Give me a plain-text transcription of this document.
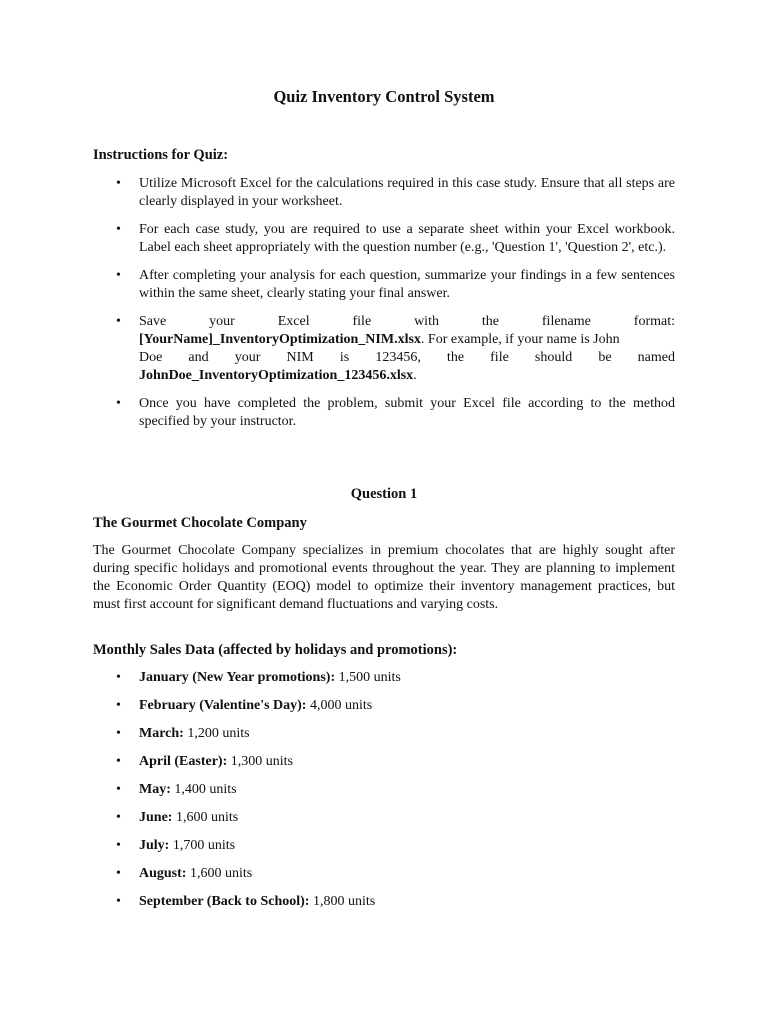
Quiz Inventory Control System
Instructions for Quiz:
• Utilize Microsoft Excel for the calculations required in this case study. Ensure that all steps are clearly displayed in your worksheet.
• For each case study, you are required to use a separate sheet within your Excel workbook. Label each sheet appropriately with the question number (e.g., 'Question 1', 'Question 2', etc.).
• After completing your analysis for each question, summarize your findings in a few sentences within the same sheet, clearly stating your final answer.
• Save your Excel file with the filename format:
[YourName]_InventoryOptimization_NIM.xlsx. For example, if your name is John
Doe and your NIM is 123456, the file should be named
JohnDoe_InventoryOptimization_123456.xlsx.
• Once you have completed the problem, submit your Excel file according to the method specified by your instructor.
Question 1
The Gourmet Chocolate Company
The Gourmet Chocolate Company specializes in premium chocolates that are highly sought after during specific holidays and promotional events throughout the year. They are planning to implement the Economic Order Quantity (EOQ) model to optimize their inventory management practices, but must first account for significant demand fluctuations and varying costs.
Monthly Sales Data (affected by holidays and promotions):
• January (New Year promotions): 1,500 units
• February (Valentine's Day): 4,000 units
• March: 1,200 units
• April (Easter): 1,300 units
• May: 1,400 units
• June: 1,600 units
• July: 1,700 units
• August: 1,600 units
• September (Back to School): 1,800 units
